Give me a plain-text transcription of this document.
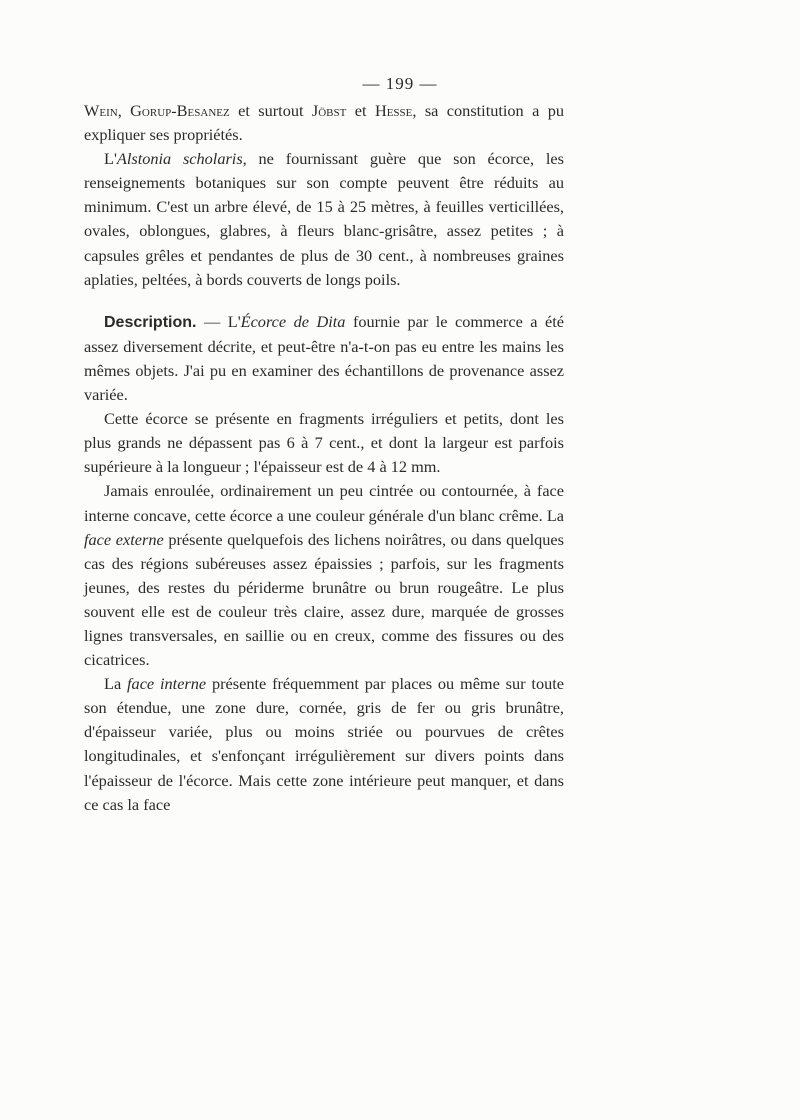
— 199 —

Wein, Gorup-Besanez et surtout Jöbst et Hesse, sa constitution a pu expliquer ses propriétés.

L'Alstonia scholaris, ne fournissant guère que son écorce, les renseignements botaniques sur son compte peuvent être réduits au minimum. C'est un arbre élevé, de 15 à 25 mètres, à feuilles verticillées, ovales, oblongues, glabres, à fleurs blanc-grisâtre, assez petites ; à capsules grêles et pendantes de plus de 30 cent., à nombreuses graines aplaties, peltées, à bords couverts de longs poils.

Description. — L'Écorce de Dita fournie par le commerce a été assez diversement décrite, et peut-être n'a-t-on pas eu entre les mains les mêmes objets. J'ai pu en examiner des échantillons de provenance assez variée.

Cette écorce se présente en fragments irréguliers et petits, dont les plus grands ne dépassent pas 6 à 7 cent., et dont la largeur est parfois supérieure à la longueur ; l'épaisseur est de 4 à 12 mm.

Jamais enroulée, ordinairement un peu cintrée ou contournée, à face interne concave, cette écorce a une couleur générale d'un blanc crême. La face externe présente quelquefois des lichens noirâtres, ou dans quelques cas des régions subéreuses assez épaissies ; parfois, sur les fragments jeunes, des restes du périderme brunâtre ou brun rougeâtre. Le plus souvent elle est de couleur très claire, assez dure, marquée de grosses lignes transversales, en saillie ou en creux, comme des fissures ou des cicatrices.

La face interne présente fréquemment par places ou même sur toute son étendue, une zone dure, cornée, gris de fer ou gris brunâtre, d'épaisseur variée, plus ou moins striée ou pourvues de crêtes longitudinales, et s'enfonçant irrégulièrement sur divers points dans l'épaisseur de l'écorce. Mais cette zone intérieure peut manquer, et dans ce cas la face
